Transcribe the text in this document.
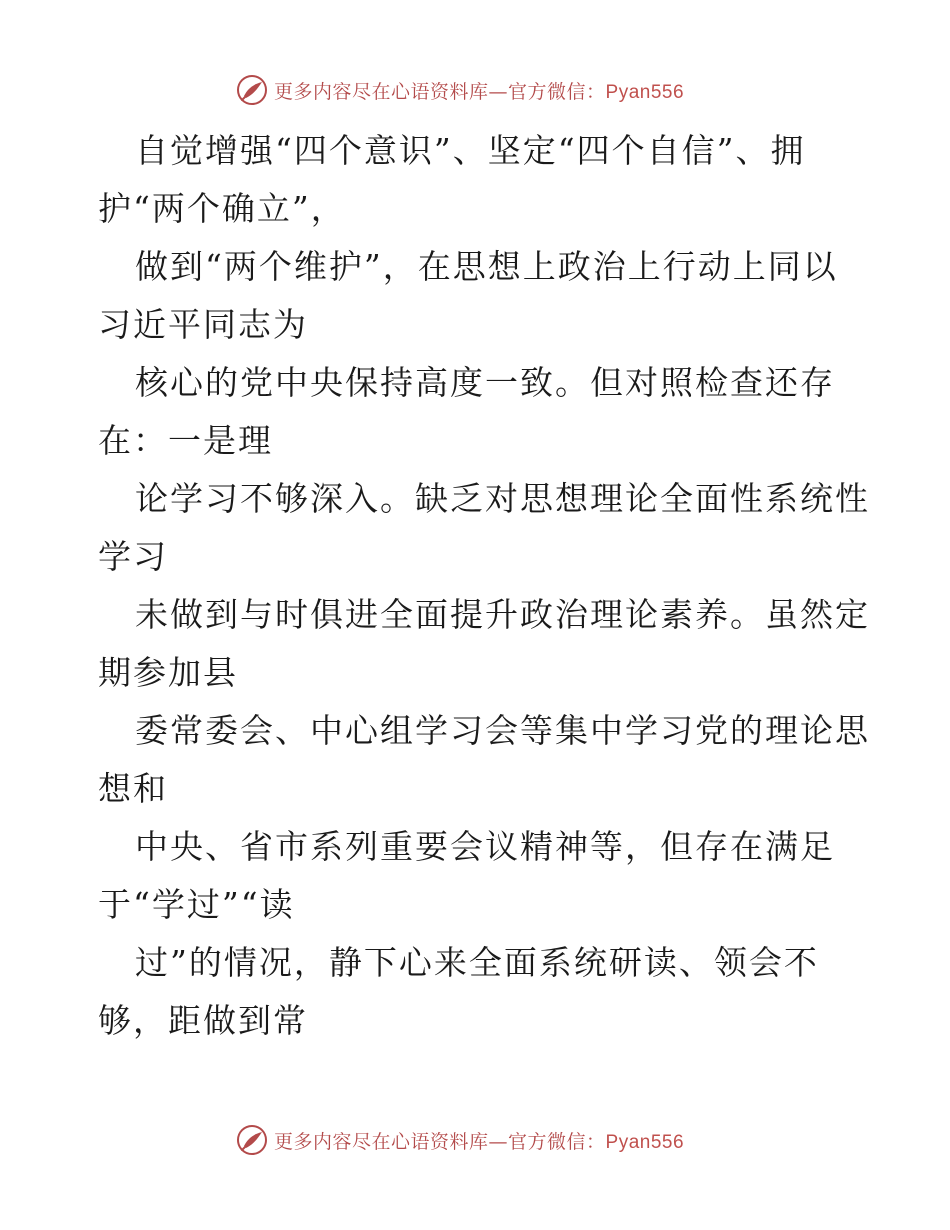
更多内容尽在心语资料库—官方微信：Pyan556
自觉增强“四个意识”、坚定“四个自信”、拥
护“两个确立”，
做到“两个维护”，在思想上政治上行动上同以
习近平同志为
核心的党中央保持高度一致。但对照检查还存
在：一是理
论学习不够深入。缺乏对思想理论全面性系统性
学习
未做到与时俱进全面提升政治理论素养。虽然定
期参加县
委常委会、中心组学习会等集中学习党的理论思
想和
中央、省市系列重要会议精神等，但存在满足
于“学过”“读
过”的情况，静下心来全面系统研读、领会不
够，距做到常
更多内容尽在心语资料库—官方微信：Pyan556
